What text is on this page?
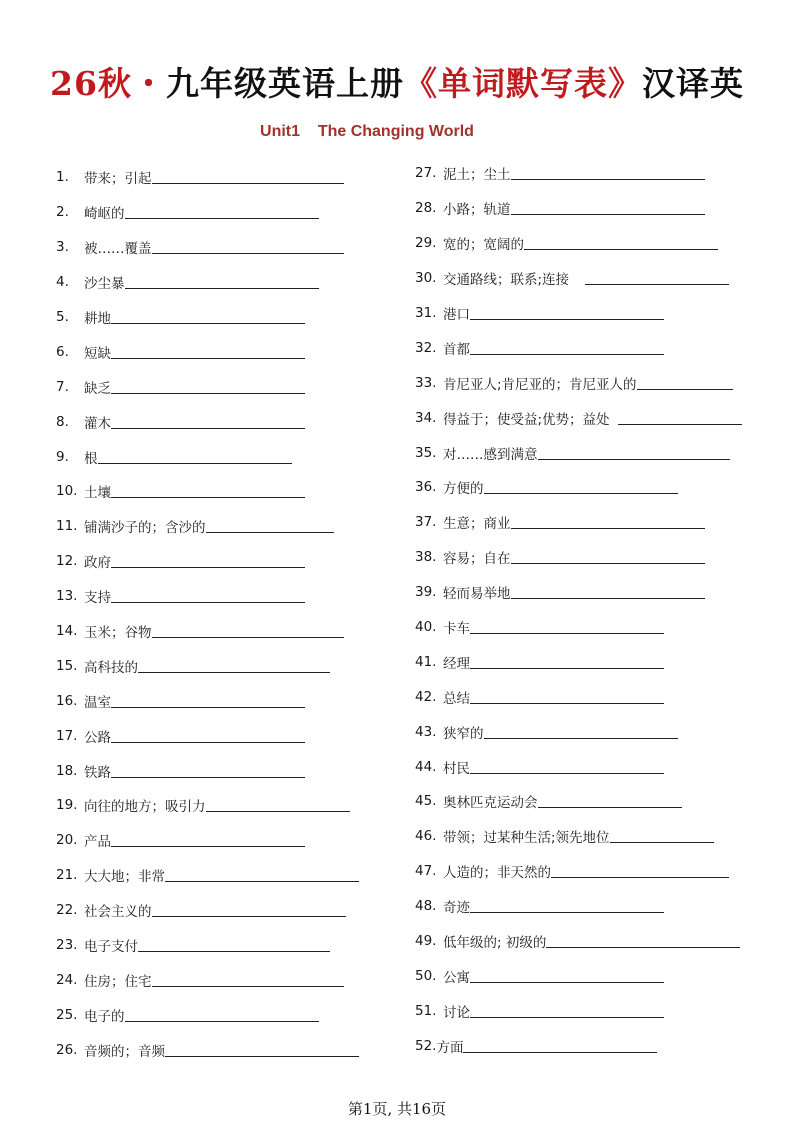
26秋・九年级英语上册《单词默写表》汉译英
Unit1    The Changing World
1.	带来；引起
2.	崎岖的
3.	被……覆盖
4.	沙尘暴
5.	耕地
6.	短缺
7.	缺乏
8.	灌木
9.	根
10. 土壤
11. 铺满沙子的；含沙的
12. 政府
13. 支持
14. 玉米；谷物
15. 高科技的
16. 温室
17. 公路
18. 铁路
19. 向往的地方；吸引力
20. 产品
21. 大大地；非常
22. 社会主义的
23. 电子支付
24. 住房；住宅
25. 电子的
26. 音频的；音频
27. 泥土；尘土
28. 小路；轨道
29. 宽的；宽阔的
30. 交通路线；联系;连接
31. 港口
32. 首都
33. 肯尼亚人;肯尼亚的；肯尼亚人的
34. 得益于；使受益;优势；益处
35. 对……感到满意
36. 方便的
37. 生意；商业
38. 容易；自在
39. 轻而易举地
40. 卡车
41. 经理
42. 总结
43. 狭窄的
44. 村民
45. 奥林匹克运动会
46. 带领；过某种生活;领先地位
47. 人造的；非天然的
48. 奇迹
49. 低年级的; 初级的
50. 公寓
51. 讨论
52. 方面
第1页, 共16页
